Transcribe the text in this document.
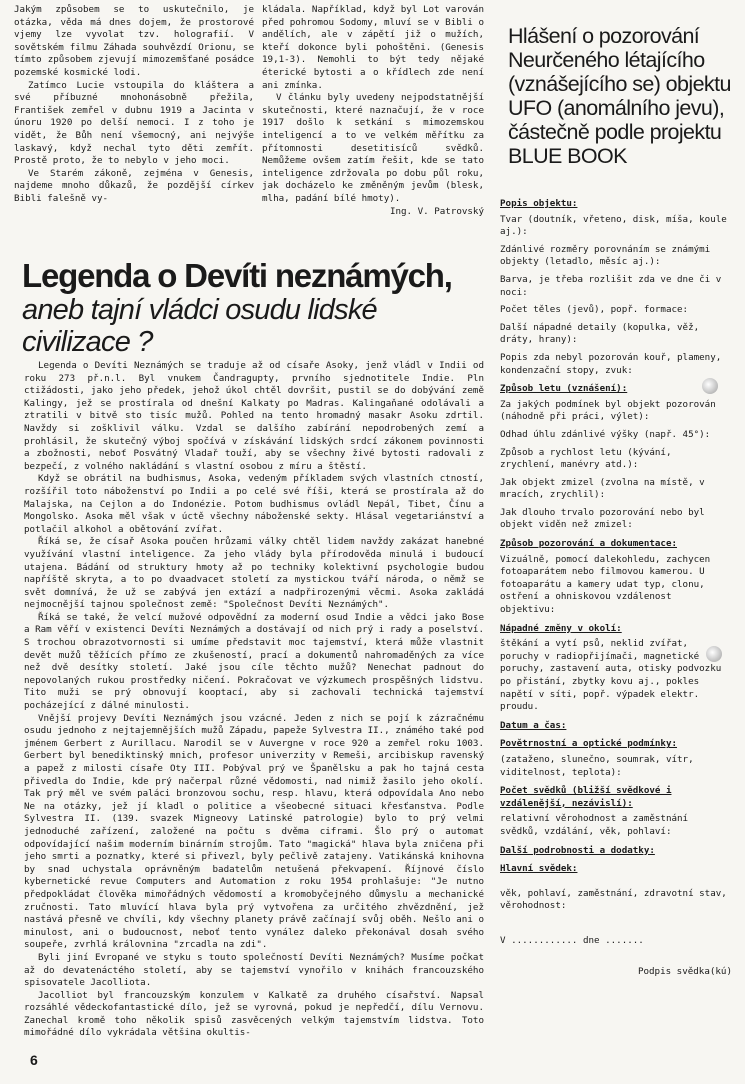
Jakým způsobem se to uskutečnilo, je otázka, věda má dnes dojem, že prostorové vjemy lze vyvolat tzv. holografií. V sovětském filmu Záhada souhvězdí Orionu, se tímto způsobem zjevují mimozemšťané posádce pozemské kosmické lodi.

Zatímco Lucie vstoupila do kláštera a své příbuzné mnohonásobně přežila, František zemřel v dubnu 1919 a Jacinta v únoru 1920 po delší nemoci. I z toho je vidět, že Bůh není všemocný, ani nejvýše laskavý, když nechal tyto děti zemřít. Prostě proto, že to nebylo v jeho moci.

Ve Starém zákoně, zejména v Genesis, najdeme mnoho důkazů, že pozdější církev Bibli falešně vy-

kládala. Například, když byl Lot varován před pohromou Sodomy, mluví se v Bibli o andělích, ale v zápětí již o mužích, kteří dokonce byli pohoštěni. (Genesis 19,1-3). Nemohli to být tedy nějaké éterické bytosti a o křídlech zde není ani zmínka.

V článku byly uvedeny nejpodstatnější skutečnosti, které naznačují, že v roce 1917 došlo k setkání s mimozemskou inteligencí a to ve velkém měřítku za přítomnosti desetitisíců svědků. Nemůžeme ovšem zatím řešit, kde se tato inteligence zdržovala po dobu půl roku, jak docházelo ke změněným jevům (blesk, mlha, padání bílé hmoty).

Ing. V. Patrovský

Legenda o Devíti neznámých,
aneb tajní vládci osudu lidské civilizace ?

Legenda o Devíti Neznámých se traduje až od císaře Asoky, jenž vládl v Indii od roku 273 př.n.l. Byl vnukem Čandragupty, prvního sjednotitele Indie. Pln ctižádosti, jako jeho předek, jehož úkol chtěl dovršit, pustil se do dobývání země Kalingy, jež se prostírala od dnešní Kalkaty po Madras. Kalingaňané odolávali a ztratili v bitvě sto tisíc mužů. Pohled na tento hromadný masakr Asoku zdrtil. Navždy si zošklivil válku. Vzdal se dalšího zabírání nepodrobených zemí a prohlásil, že skutečný výboj spočívá v získávání lidských srdcí zákonem povinnosti a zbožnosti, neboť Posvátný Vladař touží, aby se všechny živé bytosti radovali z bezpečí, z volného nakládání s vlastní osobou z míru a štěstí.

Když se obrátil na budhismus, Asoka, vedeným příkladem svých vlastních ctností, rozšířil toto náboženství po Indii a po celé své říši, která se prostírala až do Malajska, na Cejlon a do Indonézie. Potom budhismus ovládl Nepál, Tibet, Čínu a Mongolsko. Asoka měl však v úctě všechny náboženské sekty. Hlásal vegetariánství a potlačil alkohol a obětování zvířat.

Říká se, že císař Asoka poučen hrůzami války chtěl lidem navždy zakázat hanebné využívání vlastní inteligence. Za jeho vlády byla přírodověda minulá i budoucí utajena. Bádání od struktury hmoty až po techniky kolektivní psychologie budou napříště skryta, a to po dvaadvacet století za mystickou tváří národa, o němž se svět domnívá, že už se zabývá jen extází a nadpřirozenými věcmi. Asoka zakládá nejmocnější tajnou společnost země: "Společnost Devíti Neznámých".

Říká se také, že velcí mužové odpovědní za moderní osud Indie a vědci jako Bose a Ram věří v existenci Devíti Neznámých a dostávají od nich prý i rady a poselství. S trochou obrazotvornosti si umíme představit moc tajemství, která může vlastnit devět mužů těžících přímo ze zkušeností, prací a dokumentů nahromaděných za více než dvě desítky století. Jaké jsou cíle těchto mužů? Nenechat padnout do nepovolaných rukou prostředky ničení. Pokračovat ve výzkumech prospěšných lidstvu. Tito muži se prý obnovují kooptací, aby si zachovali technická tajemství pocházející z dálné minulosti.

Vnější projevy Devíti Neznámých jsou vzácné. Jeden z nich se pojí k zázračnému osudu jednoho z nejtajemnějších mužů Západu, papeže Sylvestra II., známého také pod jménem Gerbert z Aurillacu. Narodil se v Auvergne v roce 920 a zemřel roku 1003. Gerbert byl benediktinský mnich, profesor univerzity v Remeši, arcibiskup ravenský a papež z milosti císaře Oty III. Pobýval prý ve Španělsku a pak ho tajná cesta přivedla do Indie, kde prý načerpal různé vědomosti, nad nimiž žasilo jeho okolí. Tak prý měl ve svém paláci bronzovou sochu, resp. hlavu, která odpovídala Ano nebo Ne na otázky, jež jí kladl o politice a všeobecné situaci křesťanstva. Podle Sylvestra II. (139. svazek Migneovy Latinské patrologie) bylo to prý velmi jednoduché zařízení, založené na počtu s dvěma ciframi. Šlo prý o automat odpovídající našim moderním binárním strojům. Tato "magická" hlava byla zničena při jeho smrti a poznatky, které si přivezl, byly pečlivě zatajeny. Vatikánská knihovna by snad uchystala oprávněným badatelům netušená překvapení. Říjnové číslo kybernetické revue Computers and Automation z roku 1954 prohlašuje: "Je nutno předpokládat člověka mimořádných vědomostí a kromobyčejného důmyslu a mechanické zručnosti. Tato mluvící hlava byla prý vytvořena za určitého zhvězdnění, jež nastává přesně ve chvíli, kdy všechny planety právě začínají svůj oběh. Nešlo ani o minulost, ani o budoucnost, neboť tento vynález daleko překonával dosah svého soupeře, zvrhlá královnina "zrcadla na zdi".

Byli jiní Evropané ve styku s touto společností Devíti Neznámých? Musíme počkat až do devatenáctého století, aby se tajemství vynořilo v knihách francouzského spisovatele Jacolliota.

Jacolliot byl francouzským konzulem v Kalkatě za druhého císařství. Napsal rozsáhlé vědeckofantastické dílo, jež se vyrovná, pokud je nepředčí, dílu Vernovu. Zanechal kromě toho několik spisů zasvěcených velkým tajemstvím lidstva. Toto mimořádné dílo vykrádala většina okultis-

6
Hlášení o pozorování Neurčeného létajícího (vznášejícího se) objektu UFO (anomálního jevu), částečně podle projektu BLUE BOOK

Popis objektu:

Tvar (doutník, vřeteno, disk, míša, koule aj.):

Zdánlivé rozměry porovnáním se známými objekty (letadlo, měsíc aj.):

Barva, je třeba rozlišit zda ve dne či v noci:

Počet těles (jevů), popř. formace:

Další nápadné detaily (kopulka, věž, dráty, hrany):

Popis zda nebyl pozorován kouř, plameny, kondenzační stopy, zvuk:

Způsob letu (vznášení):

Za jakých podmínek byl objekt pozorován (náhodně při práci, výlet):

Odhad úhlu zdánlivé výšky (např. 45°):

Způsob a rychlost letu (kývání, zrychlení, manévry atd.):

Jak objekt zmizel (zvolna na místě, v mracích, zrychlil):

Jak dlouho trvalo pozorování nebo byl objekt viděn než zmizel:

Způsob pozorování a dokumentace:

Vizuálně, pomocí dalekohledu, zachycen fotoaparátem nebo filmovou kamerou. U fotoaparátu a kamery udat typ, clonu, ostření a ohniskovou vzdálenost objektivu:

Nápadné změny v okolí:

štěkání a vytí psů, neklid zvířat, poruchy v radiopřijímači, magnetické poruchy, zastavení auta, otisky podvozku po přistání, zbytky kovu aj., pokles napětí v síti, popř. výpadek elektr. proudu.

Datum a čas:

Povětrnostní a optické podmínky:

(zataženo, slunečno, soumrak, vítr, viditelnost, teplota):

Počet svědků (bližší svědkové i vzdálenější, nezávislí):

relativní věrohodnost a zaměstnání svědků, vzdálání, věk, pohlaví:

Další podrobnosti a dodatky:

Hlavní svědek:

věk, pohlaví, zaměstnání, zdravotní stav, věrohodnost:

V ............ dne .......

Podpis svědka(kú)
